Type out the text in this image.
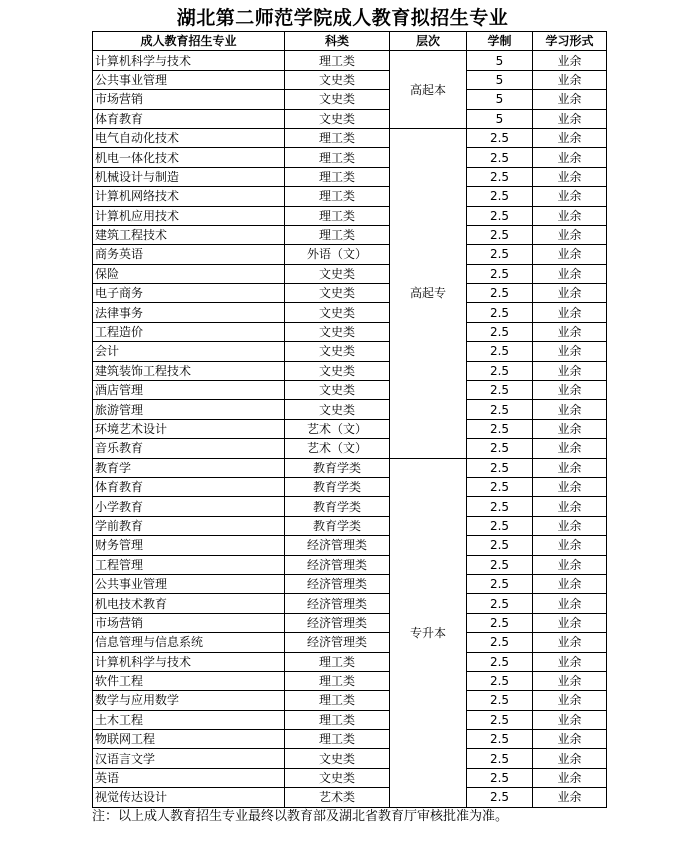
湖北第二师范学院成人教育拟招生专业
成人教育招生专业	科类	层次	学制	学习形式
计算机科学与技术	理工类	高起本	5	业余
公共事业管理	文史类		5	业余
市场营销	文史类		5	业余
体育教育	文史类		5	业余
电气自动化技术	理工类	高起专	2.5	业余
机电一体化技术	理工类		2.5	业余
机械设计与制造	理工类		2.5	业余
计算机网络技术	理工类		2.5	业余
计算机应用技术	理工类		2.5	业余
建筑工程技术	理工类		2.5	业余
商务英语	外语（文）		2.5	业余
保险	文史类		2.5	业余
电子商务	文史类		2.5	业余
法律事务	文史类		2.5	业余
工程造价	文史类		2.5	业余
会计	文史类		2.5	业余
建筑装饰工程技术	文史类		2.5	业余
酒店管理	文史类		2.5	业余
旅游管理	文史类		2.5	业余
环境艺术设计	艺术（文）		2.5	业余
音乐教育	艺术（文）		2.5	业余
教育学	教育学类	专升本	2.5	业余
体育教育	教育学类		2.5	业余
小学教育	教育学类		2.5	业余
学前教育	教育学类		2.5	业余
财务管理	经济管理类		2.5	业余
工程管理	经济管理类		2.5	业余
公共事业管理	经济管理类		2.5	业余
机电技术教育	经济管理类		2.5	业余
市场营销	经济管理类		2.5	业余
信息管理与信息系统	经济管理类		2.5	业余
计算机科学与技术	理工类		2.5	业余
软件工程	理工类		2.5	业余
数学与应用数学	理工类		2.5	业余
土木工程	理工类		2.5	业余
物联网工程	理工类		2.5	业余
汉语言文学	文史类		2.5	业余
英语	文史类		2.5	业余
视觉传达设计	艺术类		2.5	业余
注：以上成人教育招生专业最终以教育部及湖北省教育厅审核批准为准。
